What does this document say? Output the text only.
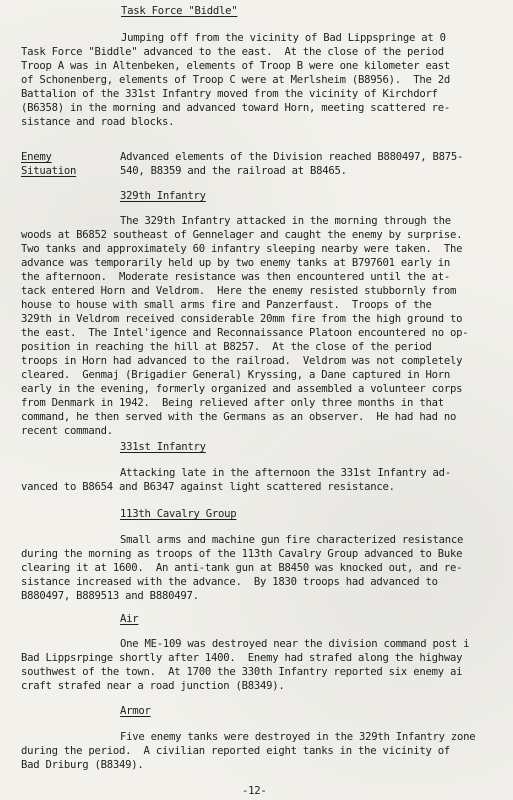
Task Force "Biddle"
Jumping off from the vicinity of Bad Lippspringe at 0
Task Force "Biddle" advanced to the east.  At the close of the period
Troop A was in Altenbeken, elements of Troop B were one kilometer east
of Schonenberg, elements of Troop C were at Merlsheim (B8956).  The 2d
Battalion of the 331st Infantry moved from the vicinity of Kirchdorf
(B6358) in the morning and advanced toward Horn, meeting scattered re-
sistance and road blocks.
Enemy
Situation
Advanced elements of the Division reached B880497, B875-
540, B8359 and the railroad at B8465.
329th Infantry
The 329th Infantry attacked in the morning through the
woods at B6852 southeast of Gennelager and caught the enemy by surprise.
Two tanks and approximately 60 infantry sleeping nearby were taken.  The
advance was temporarily held up by two enemy tanks at B797601 early in
the afternoon.  Moderate resistance was then encountered until the at-
tack entered Horn and Veldrom.  Here the enemy resisted stubbornly from
house to house with small arms fire and Panzerfaust.  Troops of the
329th in Veldrom received considerable 20mm fire from the high ground to
the east.  The Intel'igence and Reconnaissance Platoon encountered no op-
position in reaching the hill at B8257.  At the close of the period
troops in Horn had advanced to the railroad.  Veldrom was not completely
cleared.  Genmaj (Brigadier General) Kryssing, a Dane captured in Horn
early in the evening, formerly organized and assembled a volunteer corps
from Denmark in 1942.  Being relieved after only three months in that
command, he then served with the Germans as an observer.  He had had no
recent command.
331st Infantry
Attacking late in the afternoon the 331st Infantry ad-
vanced to B8654 and B6347 against light scattered resistance.
113th Cavalry Group
Small arms and machine gun fire characterized resistance
during the morning as troops of the 113th Cavalry Group advanced to Buke
clearing it at 1600.  An anti-tank gun at B8450 was knocked out, and re-
sistance increased with the advance.  By 1830 troops had advanced to
B880497, B889513 and B880497.
Air
One ME-109 was destroyed near the division command post i
Bad Lippsrpinge shortly after 1400.  Enemy had strafed along the highway
southwest of the town.  At 1700 the 330th Infantry reported six enemy ai
craft strafed near a road junction (B8349).
Armor
Five enemy tanks were destroyed in the 329th Infantry zone
during the period.  A civilian reported eight tanks in the vicinity of
Bad Driburg (B8349).
-12-
